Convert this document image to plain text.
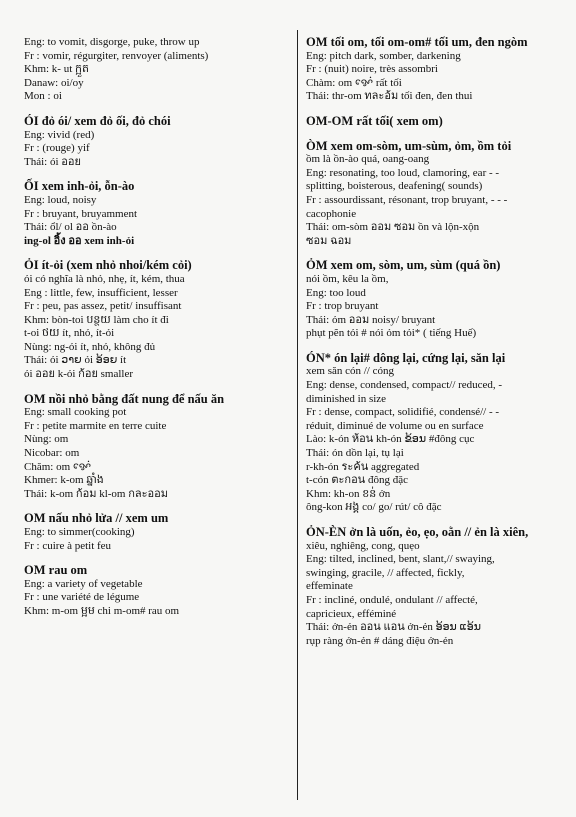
Eng: to vomit, disgorge, puke, throw up
Fr : vomir, régurgiter, renvoyer (aliments)
Khm: k- ut ក្អួត
Danaw: oi/oy
Mon : oi
ÓI đỏ ói/ xem đỏ ối, đỏ chói
Eng: vivid (red)
Fr : (rouge) yif
Thái: ói ออย
ỐI xem inh-ỏi, ỗn-ào
Eng: loud, noisy
Fr : bruyant, bruyamment
Thái: ổl/ ol ออ ồn-ào
ing-ol อิ้ง ออ xem inh-ỏi
ỎI ít-ỏi (xem nhỏ nhoi/kém cỏi)
ỏi có nghĩa là nhỏ, nhẹ, ít, kém, thua
Eng : little, few, insufficient, lesser
Fr : peu, pas assez, petit/ insuffisant
Khm: bòn-toi បន្ថយ làm cho ít đi
t-oi ថយ ít, nhỏ, ít-ỏi
Nùng: ng-ỏi ít, nhỏ, không đủ
Thái: ỏi ວາຍ ỏi ອ້ອຍ ít
ỏi ออย k-ỏi ก้อย smaller
OM nồi nhỏ bằng đất nung để nấu ăn
Eng: small cooking pot
Fr : petite marmite en terre cuite
Nùng: om
Nicobar: om
Chăm: om ꨀꨯꩌ
Khmer: k-om ឆ្នាំង
Thái: k-om ก้อม kl-om กละออม
OM nấu nhỏ lửa // xem um
Eng: to simmer(cooking)
Fr : cuire à petit feu
OM rau om
Eng: a variety of vegetable
Fr : une variété de légume
Khm: m-om ម្អម chi m-om# rau om
OM tối om, tối om-om# tối um, đen ngòm
Eng: pitch dark, somber, darkening
Fr : (nuit) noire, très assombri
Chàm: om ꨀꨯꩌ rất tối
Thái: thr-om ทละอ้ม tối đen, đen thui
OM-OM rất tối( xem om)
ÒM xem om-sòm, um-sùm, ỏm, ồm tỏi
ồm là ồn-ào quá, oang-oang
Eng: resonating, too loud, clamoring, ear - -
splitting, boisterous, deafening( sounds)
Fr : assourdissant, résonant, trop bruyant, - - -
cacophonie
Thái: om-sòm ออม ซอม ồn và lộn-xộn
ซอม ฉอม
ỎM xem om, sòm, um, sùm (quá ồn)
nói ồm, kêu la ồm,
Eng: too loud
Fr : trop bruyant
Thái: ỏm ออม noisy/ bruyant
phụt pẽn tỏi # nói ỏm tỏi* ( tiếng Huế)
ÓN* ón lại# dông lại, cứng lại, săn lại
xem săn cón // cóng
Eng: dense, condensed, compact// reduced, -
diminished in size
Fr : dense, compact, solidifié, condensé// - -
réduit, diminué de volume ou en surface
Lào: k-ón ห้อน kh-ón ຂ້ອນ #đông cục
Thái: ón dồn lại, tụ lại
r-kh-ón ระค้น aggregated
t-cón ตะกอน đông đặc
Khm: kh-on ខន់ ởn
ông-kon អង្គ co/ go/ rút/ cô đặc
ỎN-ÈN ởn là uốn, ẻo, ẹo, oằn // ẻn là xiên,
xiêu, nghiêng, cong, quẹo
Eng: tilted, inclined, bent, slant,// swaying,
swinging, gracile, // affected, fickly,
effeminate
Fr : incliné, ondulé, ondulant // affecté,
capricieux, efféminé
Thái: ởn-ẻn ออน แอน ởn-ẻn ອ້ອນ ແອ້ນ
rụp ràng ởn-ẻn # dáng điệu ởn-ẻn
